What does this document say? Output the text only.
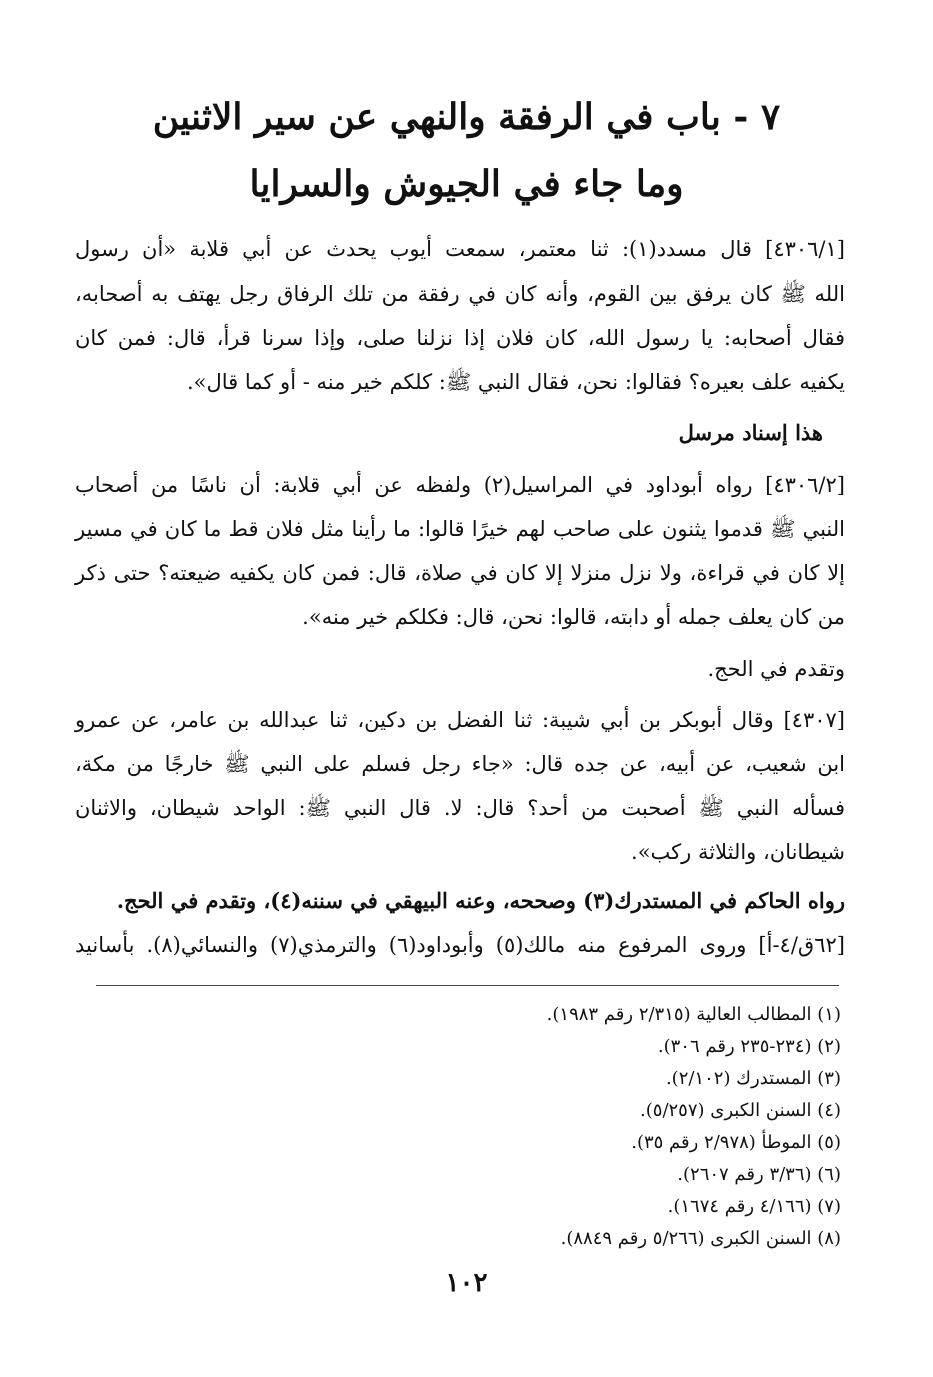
٧ - باب في الرفقة والنهي عن سير الاثنين
وما جاء في الجيوش والسرايا
[٤٣٠٦/١] قال مسدد(١): ثنا معتمر، سمعت أيوب يحدث عن أبي قلابة «أن رسول
الله ﷺ كان يرفق بين القوم، وأنه كان في رفقة من تلك الرفاق رجل يهتف به أصحابه،
فقال أصحابه: يا رسول الله، كان فلان إذا نزلنا صلى، وإذا سرنا قرأ، قال: فمن كان
يكفيه علف بعيره؟ فقالوا: نحن، فقال النبي ﷺ: كلكم خير منه - أو كما قال».
هذا إسناد مرسل
[٤٣٠٦/٢] رواه أبوداود في المراسيل(٢) ولفظه عن أبي قلابة: أن ناسًا من أصحاب
النبي ﷺ قدموا يثنون على صاحب لهم خيرًا قالوا: ما رأينا مثل فلان قط ما كان في مسير
إلا كان في قراءة، ولا نزل منزلا إلا كان في صلاة، قال: فمن كان يكفيه ضيعته؟ حتى ذكر
من كان يعلف جمله أو دابته، قالوا: نحن، قال: فكلكم خير منه».
وتقدم في الحج.
[٤٣٠٧] وقال أبوبكر بن أبي شيبة: ثنا الفضل بن دكين، ثنا عبدالله بن عامر، عن عمرو
ابن شعيب، عن أبيه، عن جده قال: «جاء رجل فسلم على النبي ﷺ خارجًا من مكة،
فسأله النبي ﷺ أصحبت من أحد؟ قال: لا. قال النبي ﷺ: الواحد شيطان، والاثنان
شيطانان، والثلاثة ركب».
رواه الحاكم في المستدرك(٣) وصححه، وعنه البيهقي في سننه(٤)، وتقدم في الحج.
[٦٢ق/٤-أ] وروى المرفوع منه مالك(٥) وأبوداود(٦) والترمذي(٧) والنسائي(٨). بأسانيد
(١) المطالب العالية (٢/٣١٥ رقم ١٩٨٣).
(٢) (٢٣٤-٢٣٥ رقم ٣٠٦).
(٣) المستدرك (٢/١٠٢).
(٤) السنن الكبرى (٥/٢٥٧).
(٥) الموطأ (٢/٩٧٨ رقم ٣٥).
(٦) (٣/٣٦ رقم ٢٦٠٧).
(٧) (٤/١٦٦ رقم ١٦٧٤).
(٨) السنن الكبرى (٥/٢٦٦ رقم ٨٨٤٩).
١٠٢
